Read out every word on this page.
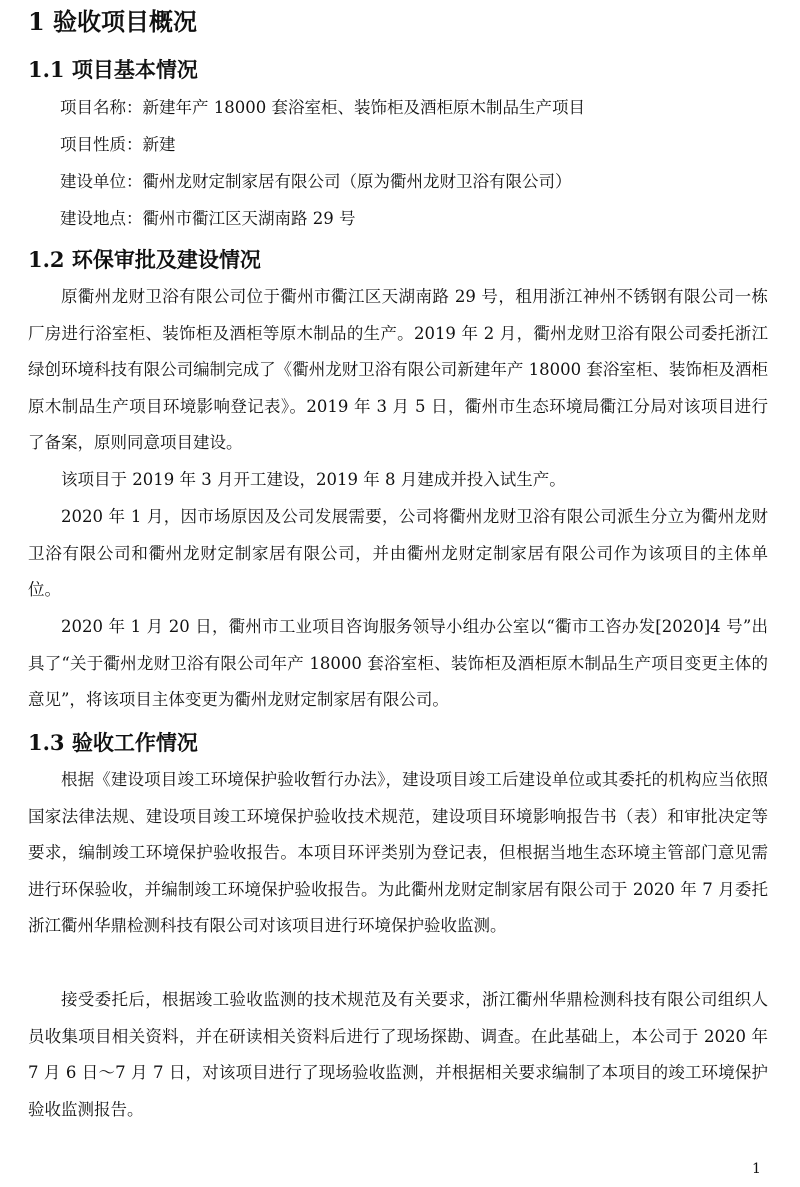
1 验收项目概况
1.1 项目基本情况

项目名称：新建年产 18000 套浴室柜、装饰柜及酒柜原木制品生产项目

项目性质：新建

建设单位：衢州龙财定制家居有限公司（原为衢州龙财卫浴有限公司）

建设地点：衢州市衢江区天湖南路 29 号

1.2 环保审批及建设情况

原衢州龙财卫浴有限公司位于衢州市衢江区天湖南路 29 号，租用浙江神州不锈钢有限公司一栋厂房进行浴室柜、装饰柜及酒柜等原木制品的生产。2019 年 2 月，衢州龙财卫浴有限公司委托浙江绿创环境科技有限公司编制完成了《衢州龙财卫浴有限公司新建年产 18000 套浴室柜、装饰柜及酒柜原木制品生产项目环境影响登记表》。2019 年 3 月 5 日，衢州市生态环境局衢江分局对该项目进行了备案，原则同意项目建设。

该项目于 2019 年 3 月开工建设，2019 年 8 月建成并投入试生产。

2020 年 1 月，因市场原因及公司发展需要，公司将衢州龙财卫浴有限公司派生分立为衢州龙财卫浴有限公司和衢州龙财定制家居有限公司，并由衢州龙财定制家居有限公司作为该项目的主体单位。

2020 年 1 月 20 日，衢州市工业项目咨询服务领导小组办公室以“衢市工咨办发[2020]4 号”出具了“关于衢州龙财卫浴有限公司年产 18000 套浴室柜、装饰柜及酒柜原木制品生产项目变更主体的意见”，将该项目主体变更为衢州龙财定制家居有限公司。

1.3 验收工作情况

根据《建设项目竣工环境保护验收暂行办法》，建设项目竣工后建设单位或其委托的机构应当依照国家法律法规、建设项目竣工环境保护验收技术规范，建设项目环境影响报告书（表）和审批决定等要求，编制竣工环境保护验收报告。本项目环评类别为登记表，但根据当地生态环境主管部门意见需进行环保验收，并编制竣工环境保护验收报告。为此衢州龙财定制家居有限公司于 2020 年 7 月委托浙江衢州华鼎检测科技有限公司对该项目进行环境保护验收监测。

接受委托后，根据竣工验收监测的技术规范及有关要求，浙江衢州华鼎检测科技有限公司组织人员收集项目相关资料，并在研读相关资料后进行了现场探勘、调查。在此基础上，本公司于 2020 年 7 月 6 日～7 月 7 日，对该项目进行了现场验收监测，并根据相关要求编制了本项目的竣工环境保护验收监测报告。

1
